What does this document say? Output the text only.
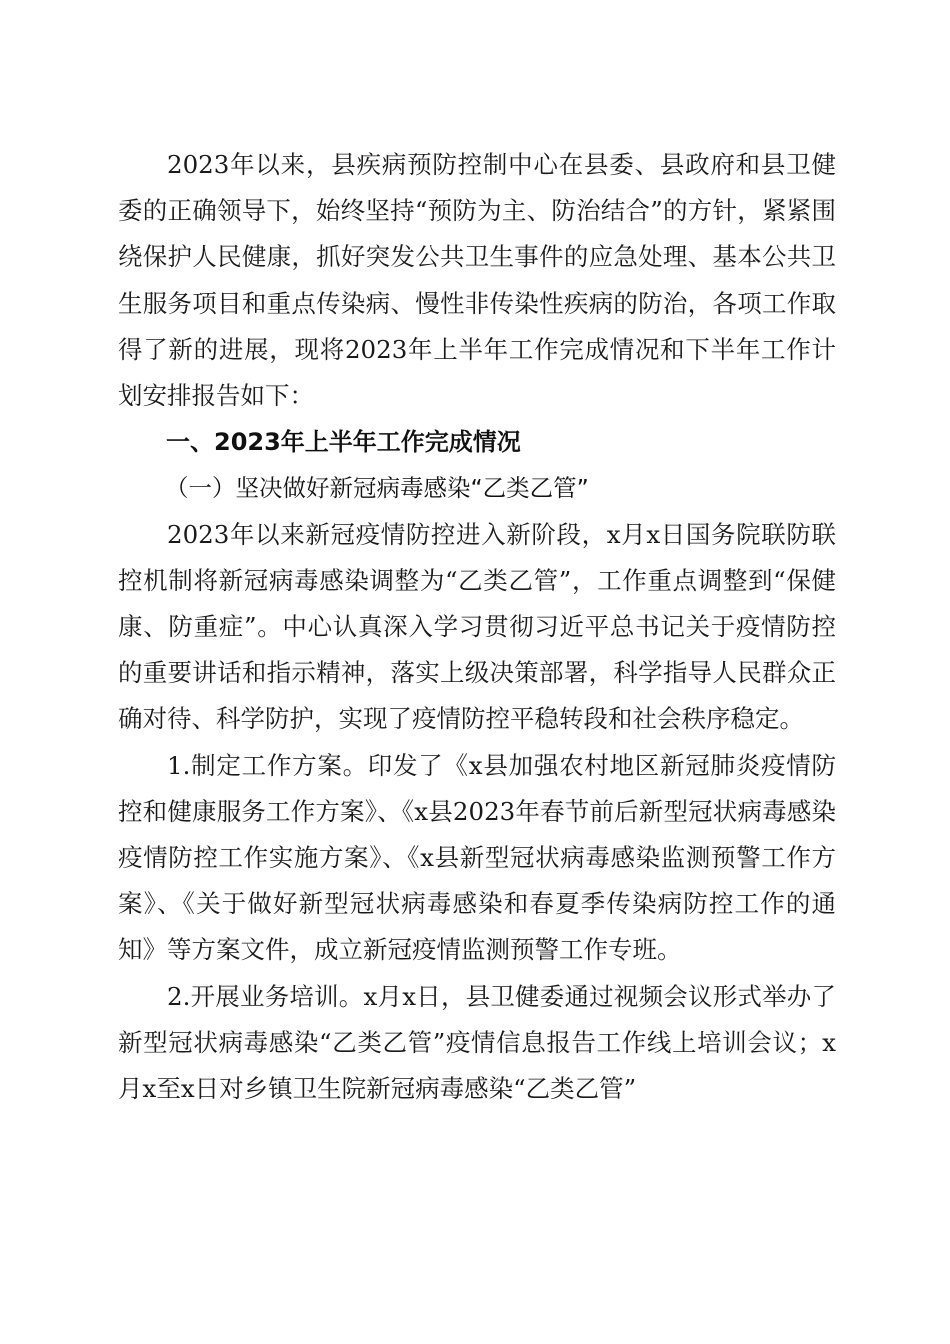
2023年以来，县疾病预防控制中心在县委、县政府和县卫健委的正确领导下，始终坚持“预防为主、防治结合”的方针，紧紧围绕保护人民健康，抓好突发公共卫生事件的应急处理、基本公共卫生服务项目和重点传染病、慢性非传染性疾病的防治，各项工作取得了新的进展，现将2023年上半年工作完成情况和下半年工作计划安排报告如下：

一、2023年上半年工作完成情况

（一）坚决做好新冠病毒感染“乙类乙管”

2023年以来新冠疫情防控进入新阶段，x月x日国务院联防联控机制将新冠病毒感染调整为“乙类乙管”，工作重点调整到“保健康、防重症”。中心认真深入学习贯彻习近平总书记关于疫情防控的重要讲话和指示精神，落实上级决策部署，科学指导人民群众正确对待、科学防护，实现了疫情防控平稳转段和社会秩序稳定。

1.制定工作方案。印发了《x县加强农村地区新冠肺炎疫情防控和健康服务工作方案》、《x县2023年春节前后新型冠状病毒感染疫情防控工作实施方案》、《x县新型冠状病毒感染监测预警工作方案》、《关于做好新型冠状病毒感染和春夏季传染病防控工作的通知》等方案文件，成立新冠疫情监测预警工作专班。

2.开展业务培训。x月x日，县卫健委通过视频会议形式举办了新型冠状病毒感染“乙类乙管”疫情信息报告工作线上培训会议；x月x至x日对乡镇卫生院新冠病毒感染“乙类乙管”
